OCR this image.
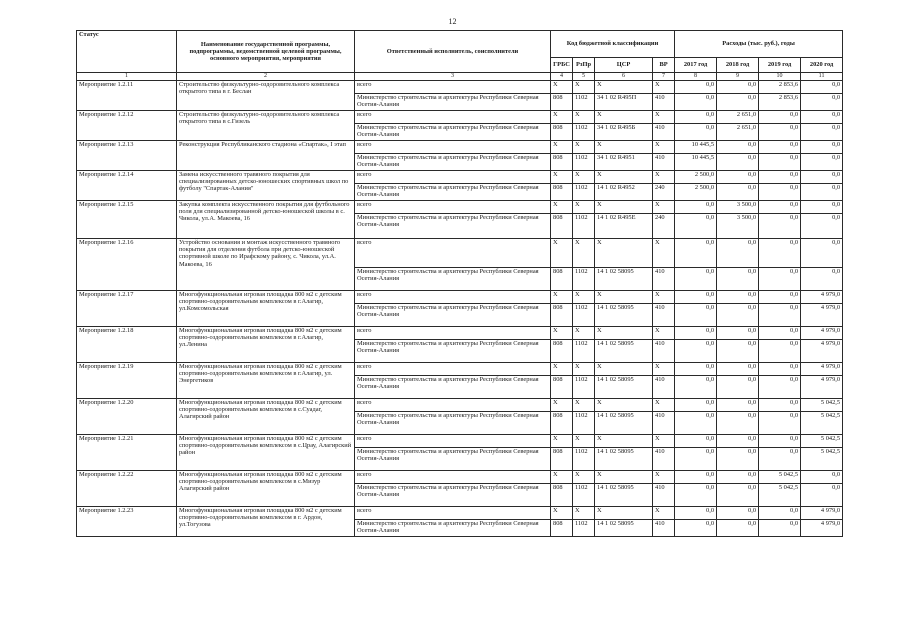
12
Статус	Наименование государственной программы, подпрограммы, ведомственной целевой программы, основного мероприятия, мероприятия	Ответственный исполнитель, соисполнители	Код бюджетной классификации				Расходы (тыс. руб.), годы			
			ГРБС	РзПр	ЦСР	ВР	2017 год	2018 год	2019 год	2020 год
1	2	3	4	5	6	7	8	9	10	11
Мероприятие 1.2.11	Строительство физкультурно-оздоровительного комплекса открытого типа в г. Беслан	всего	X	X	X	X	0,0	0,0	2 853,6	0,0
		Министерство строительства и архитектуры Республики Северная Осетия-Алания	808	1102	34 1 02 R495П	410	0,0	0,0	2 853,6	0,0
Мероприятие 1.2.12	Строительство физкультурно-оздоровительного комплекса открытого типа в с.Гизель	всего	X	X	X	X	0,0	2 651,0	0,0	0,0
		Министерство строительства и архитектуры Республики Северная Осетия-Алания	808	1102	34 1 02 R495Б	410	0,0	2 651,0	0,0	0,0
Мероприятие 1.2.13	Реконструкция Республиканского стадиона «Спартак», I этап	всего	X	X	X	X	10 445,5	0,0	0,0	0,0
		Министерство строительства и архитектуры Республики Северная Осетия-Алания	808	1102	34 1 02 R4951	410	10 445,5	0,0	0,0	0,0
Мероприятие 1.2.14	Замена искусственного травяного покрытия для специализированных детско-юношеских спортивных школ по футболу "Спартак-Алания"	всего	X	X	X	X	2 500,0	0,0	0,0	0,0
		Министерство строительства и архитектуры Республики Северная Осетия-Алания	808	1102	14 1 02 R4952	240	2 500,0	0,0	0,0	0,0
Мероприятие 1.2.15	Закупка комплекта искусственного покрытия для футбольного поля для специализированной детско-юношеской школы в с. Чикола, ул.А. Макоева, 16	всего	X	X	X	X	0,0	3 500,0	0,0	0,0
		Министерство строительства и архитектуры Республики Северная Осетия-Алания	808	1102	14 1 02 R495Е	240	0,0	3 500,0	0,0	0,0
Мероприятие 1.2.16	Устройство основания и монтаж искусственного травяного покрытия для отделения футбола при детско-юношеской спортивной школе по Ирафскому району, с. Чикола, ул.А. Макоева, 16	всего	X	X	X	X	0,0	0,0	0,0	0,0
		Министерство строительства и архитектуры Республики Северная Осетия-Алания	808	1102	14 1 02 58095	410	0,0	0,0	0,0	0,0
Мероприятие 1.2.17	Многофункциональная игровая площадка 800 м2 с детским спортивно-оздоровительным комплексом в г.Алагир, ул.Комсомольская	всего	X	X	X	X	0,0	0,0	0,0	4 979,0
		Министерство строительства и архитектуры Республики Северная Осетия-Алания	808	1102	14 1 02 58095	410	0,0	0,0	0,0	4 979,0
Мероприятие 1.2.18	Многофункциональная игровая площадка 800 м2 с детским спортивно-оздоровительным комплексом в г.Алагир, ул.Ленина	всего	X	X	X	X	0,0	0,0	0,0	4 979,0
		Министерство строительства и архитектуры Республики Северная Осетия-Алания	808	1102	14 1 02 58095	410	0,0	0,0	0,0	4 979,0
Мероприятие 1.2.19	Многофункциональная игровая площадка 800 м2 с детским спортивно-оздоровительным комплексом в г.Алагир, ул. Энергетиков	всего	X	X	X	X	0,0	0,0	0,0	4 979,0
		Министерство строительства и архитектуры Республики Северная Осетия-Алания	808	1102	14 1 02 58095	410	0,0	0,0	0,0	4 979,0
Мероприятие 1.2.20	Многофункциональная игровая площадка 800 м2 с детским спортивно-оздоровительным комплексом в с.Суадаг, Алагирский район	всего	X	X	X	X	0,0	0,0	0,0	5 042,5
		Министерство строительства и архитектуры Республики Северная Осетия-Алания	808	1102	14 1 02 58095	410	0,0	0,0	0,0	5 042,5
Мероприятие 1.2.21	Многофункциональная игровая площадка 800 м2 с детским спортивно-оздоровительным комплексом в с.Црау, Алагирский район	всего	X	X	X	X	0,0	0,0	0,0	5 042,5
		Министерство строительства и архитектуры Республики Северная Осетия-Алания	808	1102	14 1 02 58095	410	0,0	0,0	0,0	5 042,5
Мероприятие 1.2.22	Многофункциональная игровая площадка 800 м2 с детским спортивно-оздоровительным комплексом в с.Мизур Алагирский район	всего	X	X	X	X	0,0	0,0	5 042,5	0,0
		Министерство строительства и архитектуры Республики Северная Осетия-Алания	808	1102	14 1 02 58095	410	0,0	0,0	5 042,5	0,0
Мероприятие 1.2.23	Многофункциональная игровая площадка 800 м2 с детским спортивно-оздоровительным комплексом в г. Ардон, ул.Тогузова	всего	X	X	X	X	0,0	0,0	0,0	4 979,0
		Министерство строительства и архитектуры Республики Северная Осетия-Алания	808	1102	14 1 02 58095	410	0,0	0,0	0,0	4 979,0
